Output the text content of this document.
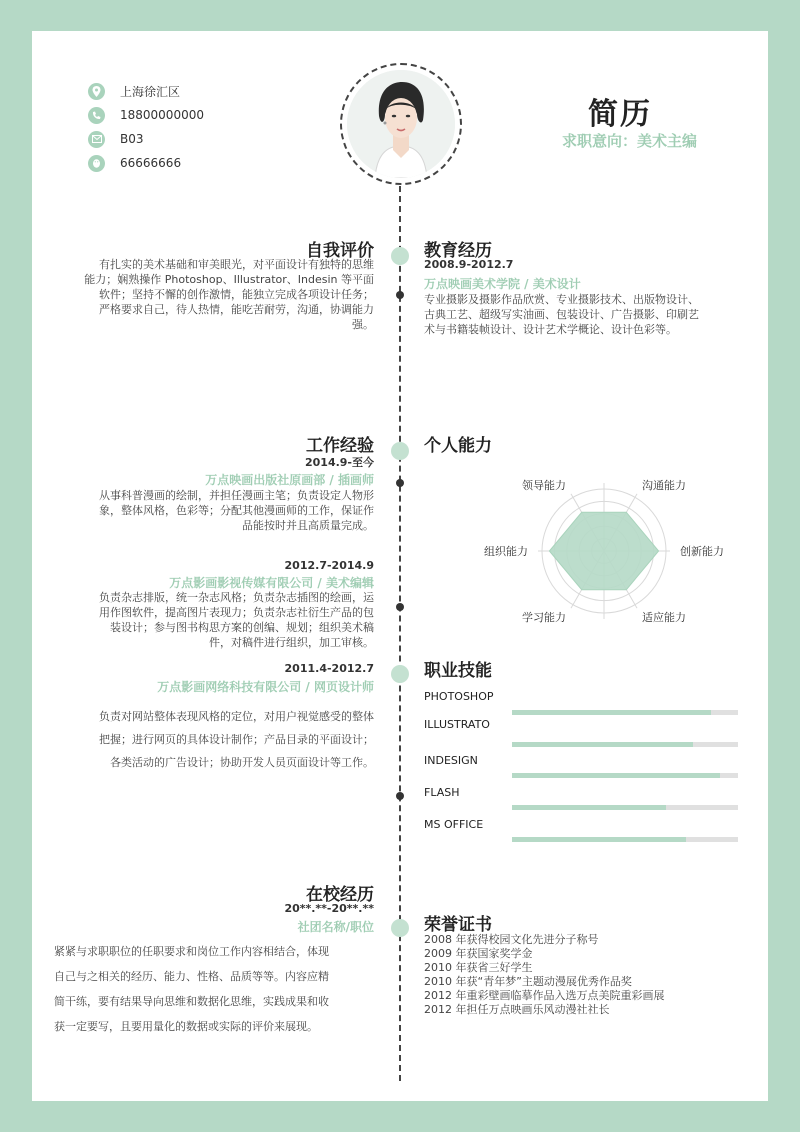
上海徐汇区
18800000000
B03
66666666
简历
求职意向：美术主编
自我评价
有扎实的美术基础和审美眼光，对平面设计有独特的思维
能力；娴熟操作 Photoshop、Illustrator、Indesin 等平面
软件；坚持不懈的创作激情，能独立完成各项设计任务；
严格要求自己，待人热情，能吃苦耐劳，沟通，协调能力
强。
教育经历
2008.9-2012.7
万点映画美术学院 / 美术设计
专业摄影及摄影作品欣赏、专业摄影技术、出版物设计、
古典工艺、超级写实油画、包装设计、广告摄影、印刷艺
术与书籍装帧设计、设计艺术学概论、设计色彩等。
工作经验
2014.9-至今
万点映画出版社原画部 / 插画师
从事科普漫画的绘制，并担任漫画主笔；负责设定人物形
象，整体风格，色彩等；分配其他漫画师的工作，保证作
品能按时并且高质量完成。
2012.7-2014.9
万点影画影视传媒有限公司 / 美术编辑
负责杂志排版，统一杂志风格；负责杂志插图的绘画，运
用作图软件，提高图片表现力；负责杂志社衍生产品的包
装设计；参与图书构思方案的创编、规划；组织美术稿
件，对稿件进行组织，加工审核。
2011.4-2012.7
万点影画网络科技有限公司 / 网页设计师
负责对网站整体表现风格的定位，对用户视觉感受的整体
把握；进行网页的具体设计制作；产品目录的平面设计；
各类活动的广告设计；协助开发人员页面设计等工作。
个人能力
沟通能力
创新能力
适应能力
学习能力
组织能力
领导能力
职业技能
PHOTOSHOP
ILLUSTRATO
INDESIGN
FLASH
MS OFFICE
在校经历
20**.**-20**.**
社团名称/职位
紧紧与求职职位的任职要求和岗位工作内容相结合，体现
自己与之相关的经历、能力、性格、品质等等。内容应精
简干练，要有结果导向思维和数据化思维，实践成果和收
获一定要写，且要用量化的数据或实际的评价来展现。
荣誉证书
2008 年获得校园文化先进分子称号
2009 年获国家奖学金
2010 年获省三好学生
2010 年获“青年梦”主题动漫展优秀作品奖
2012 年重彩壁画临摹作品入选万点美院重彩画展
2012 年担任万点映画乐风动漫社社长
